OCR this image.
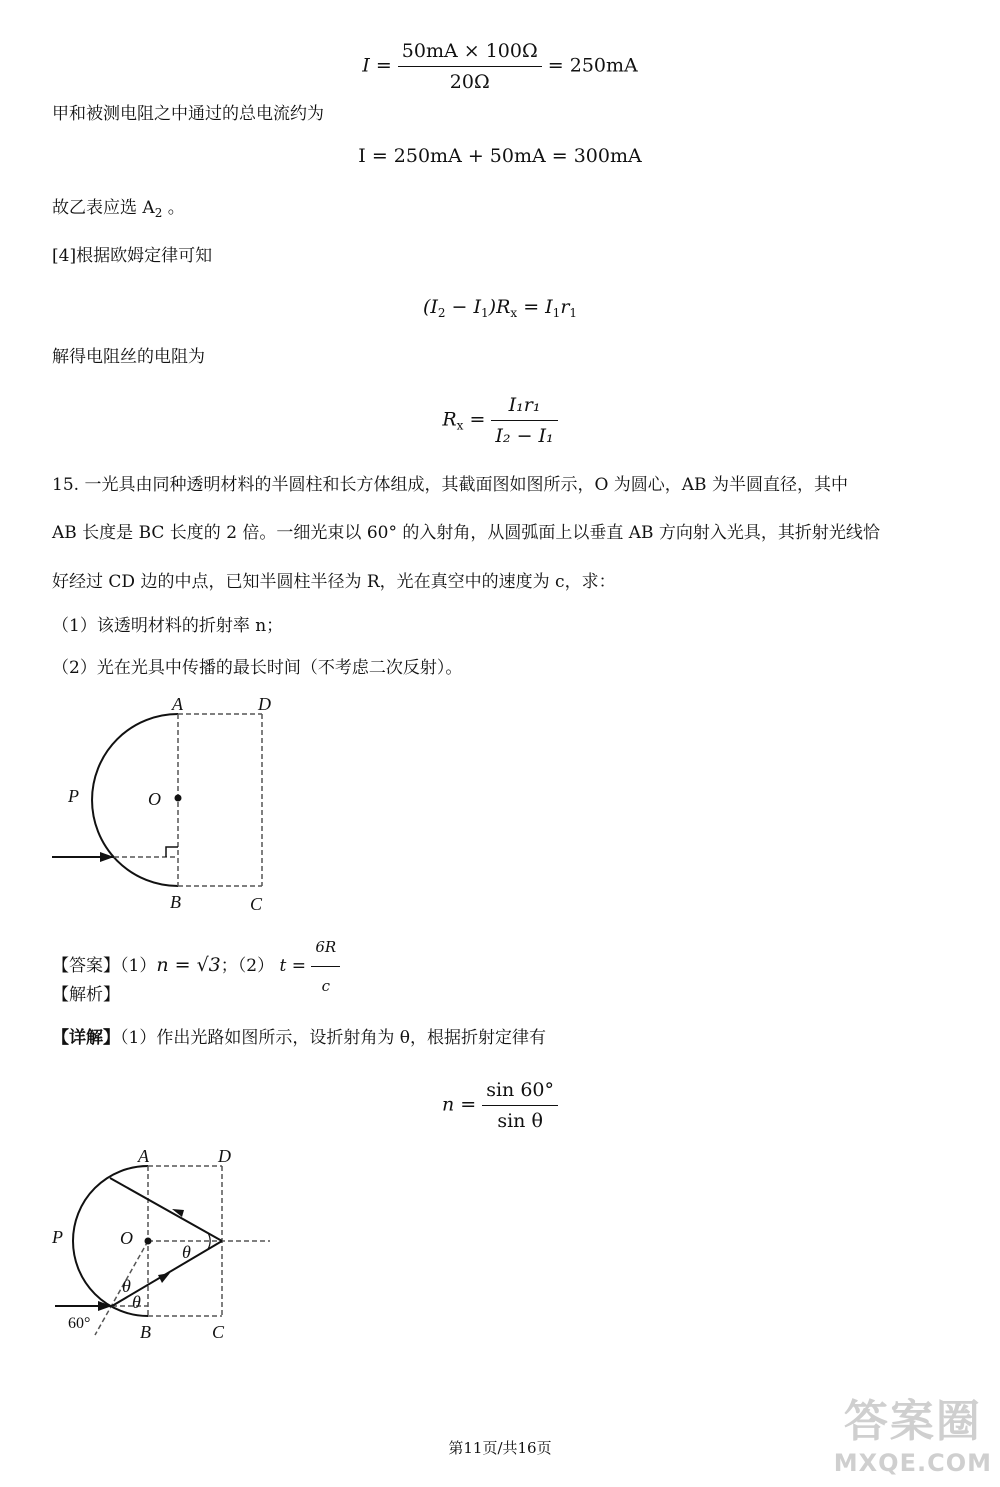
$I = \frac{50mA \times 100\Omega}{20\Omega} = 250mA$
甲和被测电阻之中通过的总电流约为
I = 250mA + 50mA = 300mA
故乙表应选 $A_2$ 。
[4]根据欧姆定律可知
$(I_2 - I_1)R_x = I_1r_1$
解得电阻丝的电阻为
$R_x = \frac{\text{I₁r₁}}{\text{I₂ − I₁}}$
15. 一光具由同种透明材料的半圆柱和长方体组成，其截面图如图所示，O 为圆心，AB 为半圆直径，其中
AB 长度是 BC 长度的 2 倍。一细光束以 60° 的入射角，从圆弧面上以垂直 AB 方向射入光具，其折射光线恰
好经过 CD 边的中点，已知半圆柱半径为 R，光在真空中的速度为 c，求：
（1）该透明材料的折射率 n；
（2）光在光具中传播的最长时间（不考虑二次反射）。
A	D
P	O
B	C
【答案】（1）n = √3；（2） $t = \frac{6R}{c}$
【解析】
【详解】（1）作出光路如图所示，设折射角为 θ，根据折射定律有
$n = \frac{\sin 60^\circ}{\text{sin θ}}$
A	D
P	O
B	C
θ
θ
θ
60°
第11页/共16页
答案圈
MXQE.COM
